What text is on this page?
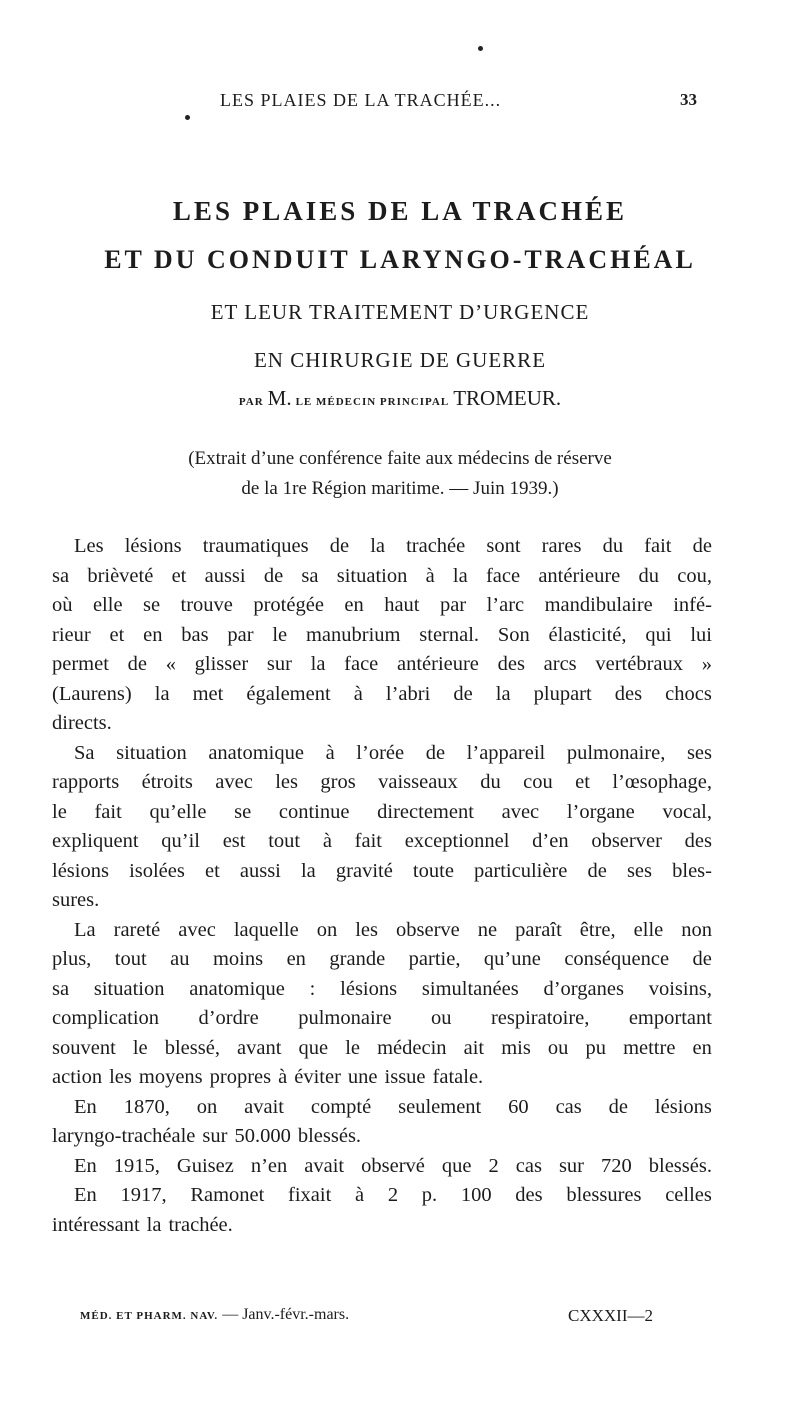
LES PLAIES DE LA TRACHÉE...	33
LES PLAIES DE LA TRACHÉE
ET DU CONDUIT LARYNGO-TRACHÉAL
ET LEUR TRAITEMENT D’URGENCE
EN CHIRURGIE DE GUERRE
PAR M. LE MÉDECIN PRINCIPAL TROMEUR.
(Extrait d’une conférence faite aux médecins de réserve
de la 1re Région maritime. — Juin 1939.)
Les lésions traumatiques de la trachée sont rares du fait de
sa brièveté et aussi de sa situation à la face antérieure du cou,
où elle se trouve protégée en haut par l’arc mandibulaire infé-
rieur et en bas par le manubrium sternal. Son élasticité, qui lui
permet de « glisser sur la face antérieure des arcs vertébraux »
(Laurens) la met également à l’abri de la plupart des chocs
directs.
Sa situation anatomique à l’orée de l’appareil pulmonaire, ses
rapports étroits avec les gros vaisseaux du cou et l’œsophage,
le fait qu’elle se continue directement avec l’organe vocal,
expliquent qu’il est tout à fait exceptionnel d’en observer des
lésions isolées et aussi la gravité toute particulière de ses bles-
sures.
La rareté avec laquelle on les observe ne paraît être, elle non
plus, tout au moins en grande partie, qu’une conséquence de
sa situation anatomique : lésions simultanées d’organes voisins,
complication d’ordre pulmonaire ou respiratoire, emportant
souvent le blessé, avant que le médecin ait mis ou pu mettre en
action les moyens propres à éviter une issue fatale.
En 1870, on avait compté seulement 60 cas de lésions
laryngo-trachéale sur 50.000 blessés.
En 1915, Guisez n’en avait observé que 2 cas sur 720 blessés.
En 1917, Ramonet fixait à 2 p. 100 des blessures celles
intéressant la trachée.
MÉD. ET PHARM. NAV. — Janv.-févr.-mars.	CXXXII—2
